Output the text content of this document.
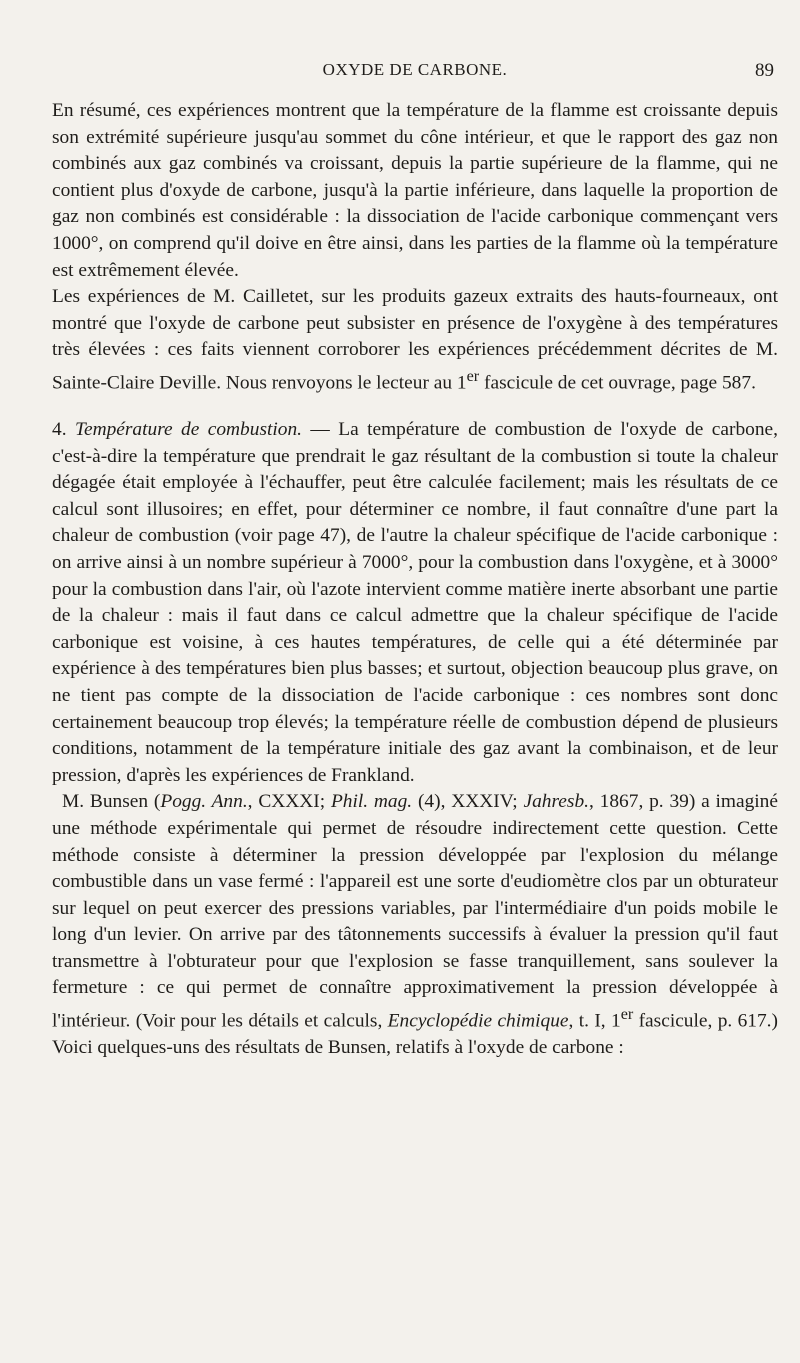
OXYDE DE CARBONE.	89

En résumé, ces expériences montrent que la température de la flamme est croissante depuis son extrémité supérieure jusqu'au sommet du cône intérieur, et que le rapport des gaz non combinés aux gaz combinés va croissant, depuis la partie supérieure de la flamme, qui ne contient plus d'oxyde de carbone, jusqu'à la partie inférieure, dans laquelle la proportion de gaz non combinés est considérable : la dissociation de l'acide carbonique commençant vers 1000°, on comprend qu'il doive en être ainsi, dans les parties de la flamme où la température est extrêmement élevée.

Les expériences de M. Cailletet, sur les produits gazeux extraits des hauts-fourneaux, ont montré que l'oxyde de carbone peut subsister en présence de l'oxygène à des températures très élevées : ces faits viennent corroborer les expériences précédemment décrites de M. Sainte-Claire Deville. Nous renvoyons le lecteur au 1er fascicule de cet ouvrage, page 587.

4. Température de combustion. — La température de combustion de l'oxyde de carbone, c'est-à-dire la température que prendrait le gaz résultant de la combustion si toute la chaleur dégagée était employée à l'échauffer, peut être calculée facilement; mais les résultats de ce calcul sont illusoires; en effet, pour déterminer ce nombre, il faut connaître d'une part la chaleur de combustion (voir page 47), de l'autre la chaleur spécifique de l'acide carbonique : on arrive ainsi à un nombre supérieur à 7000°, pour la combustion dans l'oxygène, et à 3000° pour la combustion dans l'air, où l'azote intervient comme matière inerte absorbant une partie de la chaleur : mais il faut dans ce calcul admettre que la chaleur spécifique de l'acide carbonique est voisine, à ces hautes températures, de celle qui a été déterminée par expérience à des températures bien plus basses; et surtout, objection beaucoup plus grave, on ne tient pas compte de la dissociation de l'acide carbonique : ces nombres sont donc certainement beaucoup trop élevés; la température réelle de combustion dépend de plusieurs conditions, notamment de la température initiale des gaz avant la combinaison, et de leur pression, d'après les expériences de Frankland.

M. Bunsen (Pogg. Ann., CXXXI; Phil. mag. (4), XXXIV; Jahresb., 1867, p. 39) a imaginé une méthode expérimentale qui permet de résoudre indirectement cette question. Cette méthode consiste à déterminer la pression développée par l'explosion du mélange combustible dans un vase fermé : l'appareil est une sorte d'eudiomètre clos par un obturateur sur lequel on peut exercer des pressions variables, par l'intermédiaire d'un poids mobile le long d'un levier. On arrive par des tâtonnements successifs à évaluer la pression qu'il faut transmettre à l'obturateur pour que l'explosion se fasse tranquillement, sans soulever la fermeture : ce qui permet de connaître approximativement la pression développée à l'intérieur. (Voir pour les détails et calculs, Encyclopédie chimique, t. I, 1er fascicule, p. 617.) Voici quelques-uns des résultats de Bunsen, relatifs à l'oxyde de carbone :
